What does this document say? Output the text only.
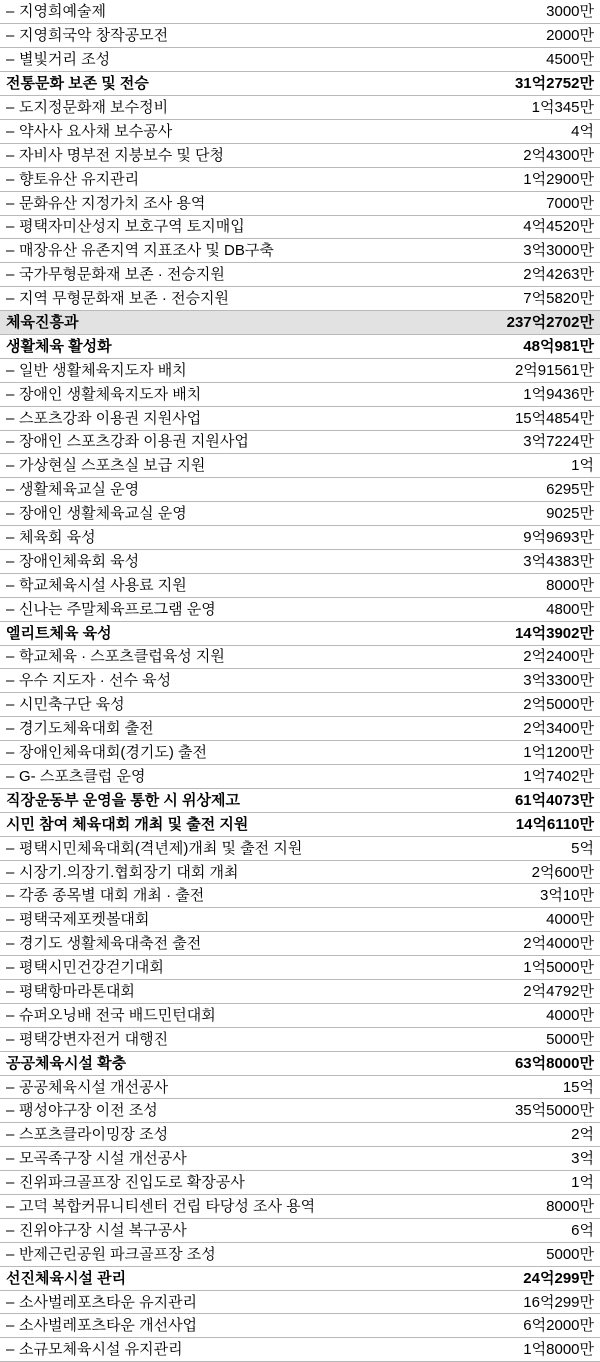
– 지영희예술제	3000만
– 지영희국악 창작공모전	2000만
– 별빛거리 조성	4500만
전통문화 보존 및 전승	31억2752만
– 도지정문화재 보수정비	1억345만
– 약사사 요사채 보수공사	4억
– 자비사 명부전 지붕보수 및 단청	2억4300만
– 향토유산 유지관리	1억2900만
– 문화유산 지정가치 조사 용역	7000만
– 평택자미산성지 보호구역 토지매입	4억4520만
– 매장유산 유존지역 지표조사 및 DB구축	3억3000만
– 국가무형문화재 보존 · 전승지원	2억4263만
– 지역 무형문화재 보존 · 전승지원	7억5820만
체육진흥과	237억2702만
생활체육 활성화	48억981만
– 일반 생활체육지도자 배치	2억91561만
– 장애인 생활체육지도자 배치	1억9436만
– 스포츠강좌 이용권 지원사업	15억4854만
– 장애인 스포츠강좌 이용권 지원사업	3억7224만
– 가상현실 스포츠실 보급 지원	1억
– 생활체육교실 운영	6295만
– 장애인 생활체육교실 운영	9025만
– 체육회 육성	9억9693만
– 장애인체육회 육성	3억4383만
– 학교체육시설 사용료 지원	8000만
– 신나는 주말체육프로그램 운영	4800만
엘리트체육 육성	14억3902만
– 학교체육 · 스포츠클럽육성 지원	2억2400만
– 우수 지도자 · 선수 육성	3억3300만
– 시민축구단 육성	2억5000만
– 경기도체육대회 출전	2억3400만
– 장애인체육대회(경기도) 출전	1억1200만
– G- 스포츠클럽 운영	1억7402만
직장운동부 운영을 통한 시 위상제고	61억4073만
시민 참여 체육대회 개최 및 출전 지원	14억6110만
– 평택시민체육대회(격년제)개최 및 출전 지원	5억
– 시장기.의장기.협회장기 대회 개최	2억600만
– 각종 종목별 대회 개최 · 출전	3억10만
– 평택국제포켓볼대회	4000만
– 경기도 생활체육대축전 출전	2억4000만
– 평택시민건강걷기대회	1억5000만
– 평택항마라톤대회	2억4792만
– 슈퍼오닝배 전국 배드민턴대회	4000만
– 평택강변자전거 대행진	5000만
공공체육시설 확충	63억8000만
– 공공체육시설 개선공사	15억
– 팽성야구장 이전 조성	35억5000만
– 스포츠클라이밍장 조성	2억
– 모곡족구장 시설 개선공사	3억
– 진위파크골프장 진입도로 확장공사	1억
– 고덕 복합커뮤니티센터 건립 타당성 조사 용역	8000만
– 진위야구장 시설 복구공사	6억
– 반제근린공원 파크골프장 조성	5000만
선진체육시설 관리	24억299만
– 소사벌레포츠타운 유지관리	16억299만
– 소사벌레포츠타운 개선사업	6억2000만
– 소규모체육시설 유지관리	1억8000만
